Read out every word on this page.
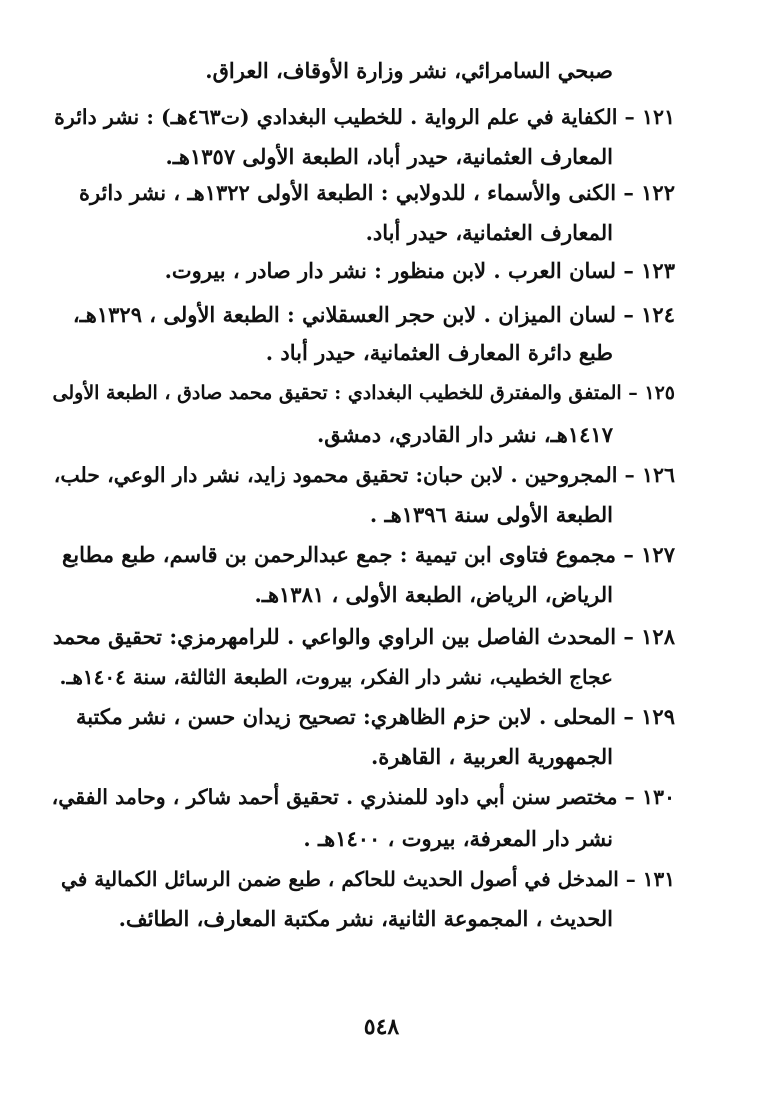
صبحي السامرائي، نشر وزارة الأوقاف، العراق.
١٢١ – الكفاية في علم الرواية . للخطيب البغدادي (ت٤٦٣هـ) : نشر دائرة
المعارف العثمانية، حيدر أباد، الطبعة الأولى ١٣٥٧هـ.
١٢٢ – الكنى والأسماء ، للدولابي : الطبعة الأولى ١٣٢٢هـ ، نشر دائرة
المعارف العثمانية، حيدر أباد.
١٢٣ – لسان العرب . لابن منظور : نشر دار صادر ، بيروت.
١٢٤ – لسان الميزان . لابن حجر العسقلاني : الطبعة الأولى ، ١٣٢٩هـ،
طبع دائرة المعارف العثمانية، حيدر أباد .
١٢٥ – المتفق والمفترق للخطيب البغدادي : تحقيق محمد صادق ، الطبعة الأولى
١٤١٧هـ، نشر دار القادري، دمشق.
١٢٦ – المجروحين . لابن حبان: تحقيق محمود زايد، نشر دار الوعي، حلب،
الطبعة الأولى سنة ١٣٩٦هـ .
١٢٧ – مجموع فتاوى ابن تيمية : جمع عبدالرحمن بن قاسم، طبع مطابع
الرياض، الرياض، الطبعة الأولى ، ١٣٨١هـ.
١٢٨ – المحدث الفاصل بين الراوي والواعي . للرامهرمزي: تحقيق محمد
عجاج الخطيب، نشر دار الفكر، بيروت، الطبعة الثالثة، سنة ١٤٠٤هـ.
١٢٩ – المحلى . لابن حزم الظاهري: تصحيح زيدان حسن ، نشر مكتبة
الجمهورية العربية ، القاهرة.
١٣٠ – مختصر سنن أبي داود للمنذري . تحقيق أحمد شاكر ، وحامد الفقي،
نشر دار المعرفة، بيروت ، ١٤٠٠هـ .
١٣١ – المدخل في أصول الحديث للحاكم ، طبع ضمن الرسائل الكمالية في
الحديث ، المجموعة الثانية، نشر مكتبة المعارف، الطائف.
٥٤٨
